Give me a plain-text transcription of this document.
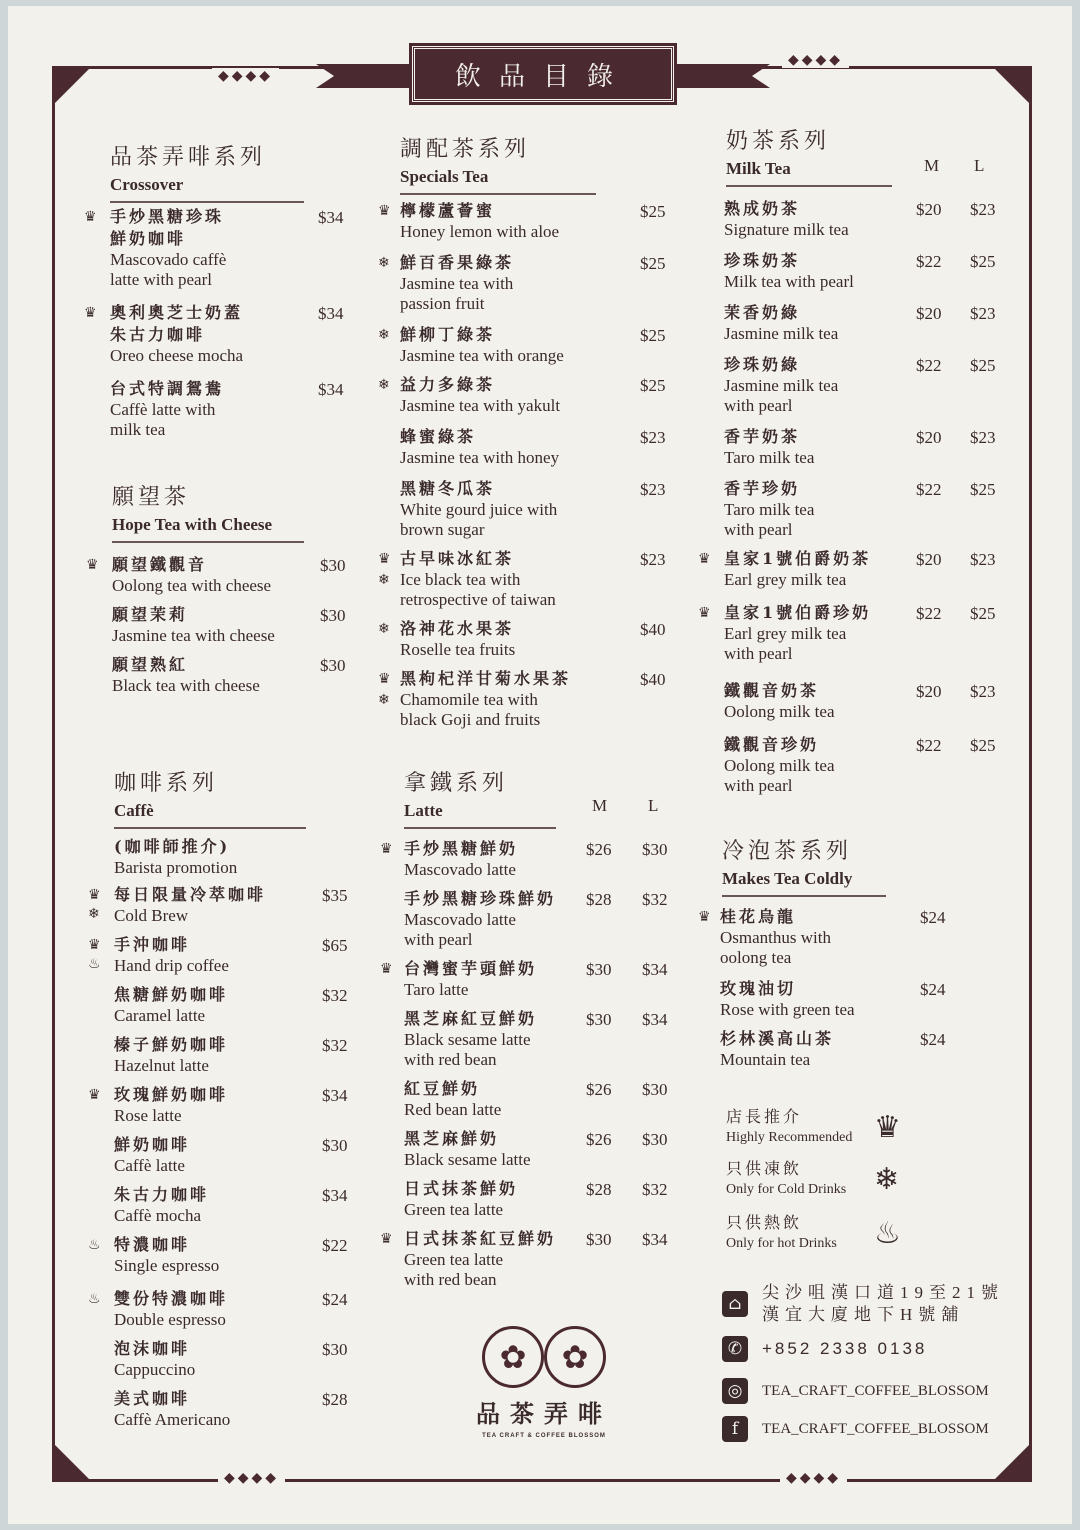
◆◆◆◆
◆◆◆◆
◆◆◆◆	◆◆◆◆
飲品目錄
品茶弄啡系列
Crossover
手炒黑糖珍珠
鮮奶咖啡
Mascovado caffè
latte with pearl
$34
♛
奧利奧芝士奶蓋
朱古力咖啡
Oreo cheese mocha
$34
♛
台式特調鴛鴦
Caffè latte with
milk tea
$34
願望茶
Hope Tea with Cheese
願望鐵觀音
Oolong tea with cheese
$30
♛
願望茉莉
Jasmine tea with cheese
$30
願望熟紅
Black tea with cheese
$30
咖啡系列
Caffè
(咖啡師推介)
Barista promotion
每日限量冷萃咖啡
Cold Brew
$35
♛
❄
手沖咖啡
Hand drip coffee
$65
♛
♨
焦糖鮮奶咖啡
Caramel latte
$32
榛子鮮奶咖啡
Hazelnut latte
$32
玫瑰鮮奶咖啡
Rose latte
$34
♛
鮮奶咖啡
Caffè latte
$30
朱古力咖啡
Caffè mocha
$34
特濃咖啡
Single espresso
$22
♨
雙份特濃咖啡
Double espresso
$24
♨
泡沫咖啡
Cappuccino
$30
美式咖啡
Caffè Americano
$28
調配茶系列
Specials Tea
檸檬蘆薈蜜
Honey lemon with aloe
$25
♛
鮮百香果綠茶
Jasmine tea with
passion fruit
$25
❄
鮮柳丁綠茶
Jasmine tea with orange
$25
❄
益力多綠茶
Jasmine tea with yakult
$25
❄
蜂蜜綠茶
Jasmine tea with honey
$23
黑糖冬瓜茶
White gourd juice with
brown sugar
$23
古早味冰紅茶
Ice black tea with
retrospective of taiwan
$23
♛
❄
洛神花水果茶
Roselle tea fruits
$40
❄
黑枸杞洋甘菊水果茶
Chamomile tea with
black Goji and fruits
$40
♛
❄
拿鐵系列
Latte	M L
手炒黑糖鮮奶
Mascovado latte
$26 $30
♛
手炒黑糖珍珠鮮奶
Mascovado latte
with pearl
$28 $32
台灣蜜芋頭鮮奶
Taro latte
$30 $34
♛
黑芝麻紅豆鮮奶
Black sesame latte
with red bean
$30 $34
紅豆鮮奶
Red bean latte
$26 $30
黑芝麻鮮奶
Black sesame latte
$26 $30
日式抹茶鮮奶
Green tea latte
$28 $32
日式抹茶紅豆鮮奶
Green tea latte
with red bean
$30 $34
♛
✿	✿
品茶弄啡
TEA CRAFT & COFFEE BLOSSOM
奶茶系列
Milk Tea	M L
熟成奶茶
Signature milk tea
$20 $23
珍珠奶茶
Milk tea with pearl
$22 $25
茉香奶綠
Jasmine milk tea
$20 $23
珍珠奶綠
Jasmine milk tea
with pearl
$22 $25
香芋奶茶
Taro milk tea
$20 $23
香芋珍奶
Taro milk tea
with pearl
$22 $25
皇家1號伯爵奶茶
Earl grey milk tea
$20 $23
♛
皇家1號伯爵珍奶
Earl grey milk tea
with pearl
$22 $25
♛
鐵觀音奶茶
Oolong milk tea
$20 $23
鐵觀音珍奶
Oolong milk tea
with pearl
$22 $25
冷泡茶系列
Makes Tea Coldly
桂花烏龍
Osmanthus with
oolong tea
$24
♛
玫瑰油切
Rose with green tea
$24
杉林溪高山茶
Mountain tea
$24
店長推介
Highly Recommended ♛
只供凍飲
Only for Cold Drinks ❄
只供熱飲
Only for hot Drinks ♨
⌂
尖沙咀漢口道19至21號
漢宜大廈地下H號舖
✆	+852 2338 0138
◎	TEA_CRAFT_COFFEE_BLOSSOM
f	TEA_CRAFT_COFFEE_BLOSSOM
